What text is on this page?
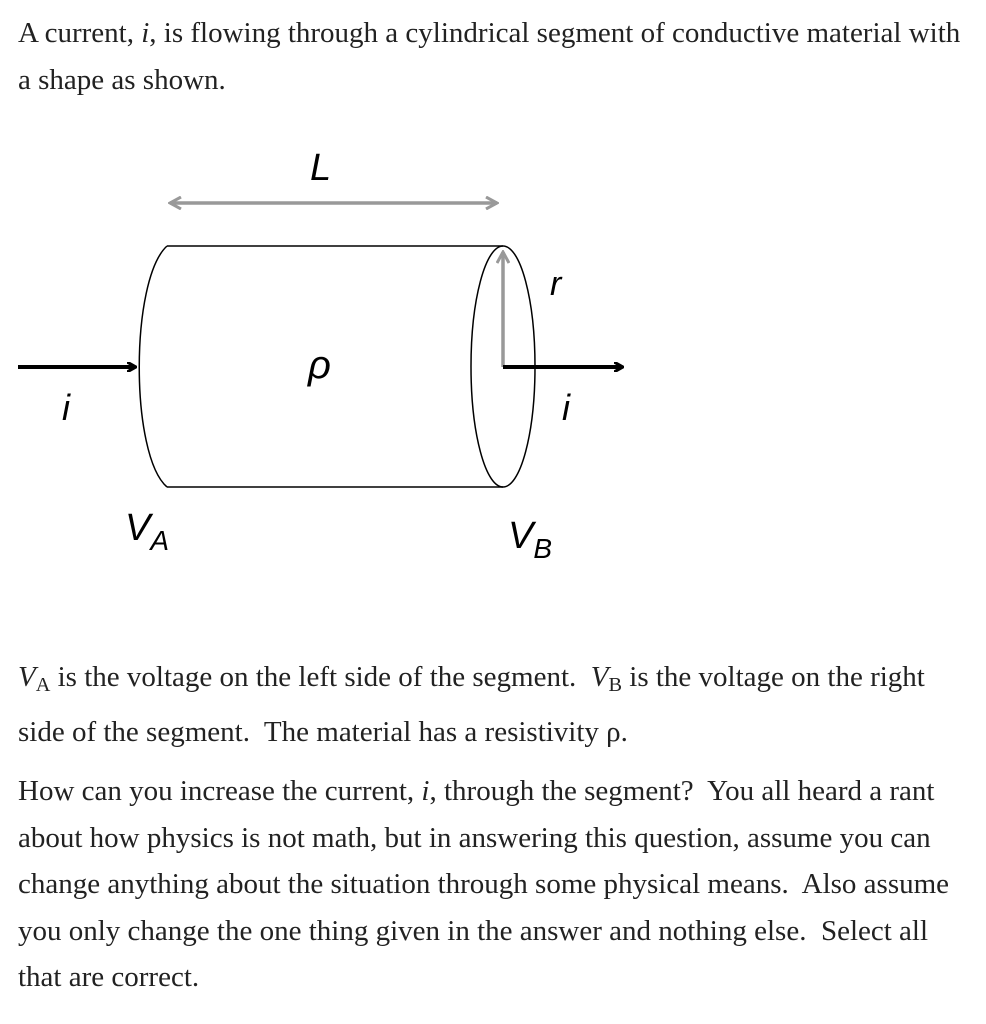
A current, i, is flowing through a cylindrical segment of conductive material with a shape as shown.

L
r
ρ
i	i
$V_A$	$V_B$

$V_A$ is the voltage on the left side of the segment.  $V_B$ is the voltage on the right side of the segment.  The material has a resistivity ρ.

How can you increase the current, i, through the segment?  You all heard a rant about how physics is not math, but in answering this question, assume you can change anything about the situation through some physical means.  Also assume you only change the one thing given in the answer and nothing else.  Select all that are correct.
